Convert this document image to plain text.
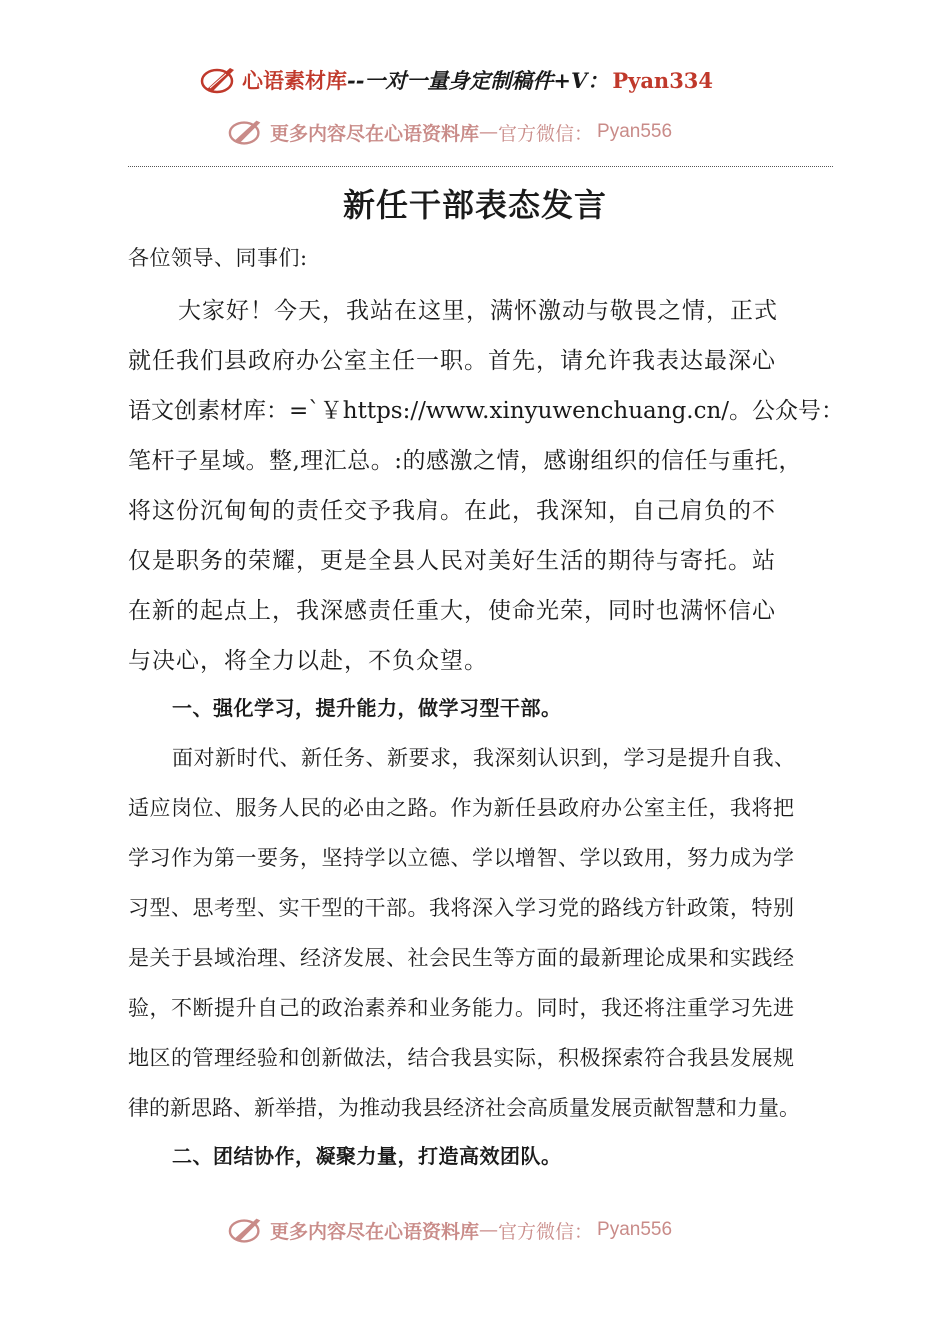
心语素材库 --一对一量身定制稿件+V： Pyan334
更多内容尽在心语资料库 — 官方微信： Pyan556
新任干部表态发言
各位领导、同事们:
大家好！今天，我站在这里，满怀激动与敬畏之情，正式
就任我们县政府办公室主任一职。首先，请允许我表达最深心
语文创素材库：=`￥https://www.xinyuwenchuang.cn/。公众号：
笔杆子星域。整,理汇总。:的感激之情，感谢组织的信任与重托，
将这份沉甸甸的责任交予我肩。在此，我深知，自己肩负的不
仅是职务的荣耀，更是全县人民对美好生活的期待与寄托。站
在新的起点上，我深感责任重大，使命光荣，同时也满怀信心
与决心，将全力以赴，不负众望。
一、强化学习，提升能力，做学习型干部。
面对新时代、新任务、新要求，我深刻认识到，学习是提升自我、
适应岗位、服务人民的必由之路。作为新任县政府办公室主任，我将把
学习作为第一要务，坚持学以立德、学以增智、学以致用，努力成为学
习型、思考型、实干型的干部。我将深入学习党的路线方针政策，特别
是关于县域治理、经济发展、社会民生等方面的最新理论成果和实践经
验，不断提升自己的政治素养和业务能力。同时，我还将注重学习先进
地区的管理经验和创新做法，结合我县实际，积极探索符合我县发展规
律的新思路、新举措，为推动我县经济社会高质量发展贡献智慧和力量。
二、团结协作，凝聚力量，打造高效团队。
更多内容尽在心语资料库 — 官方微信： Pyan556
